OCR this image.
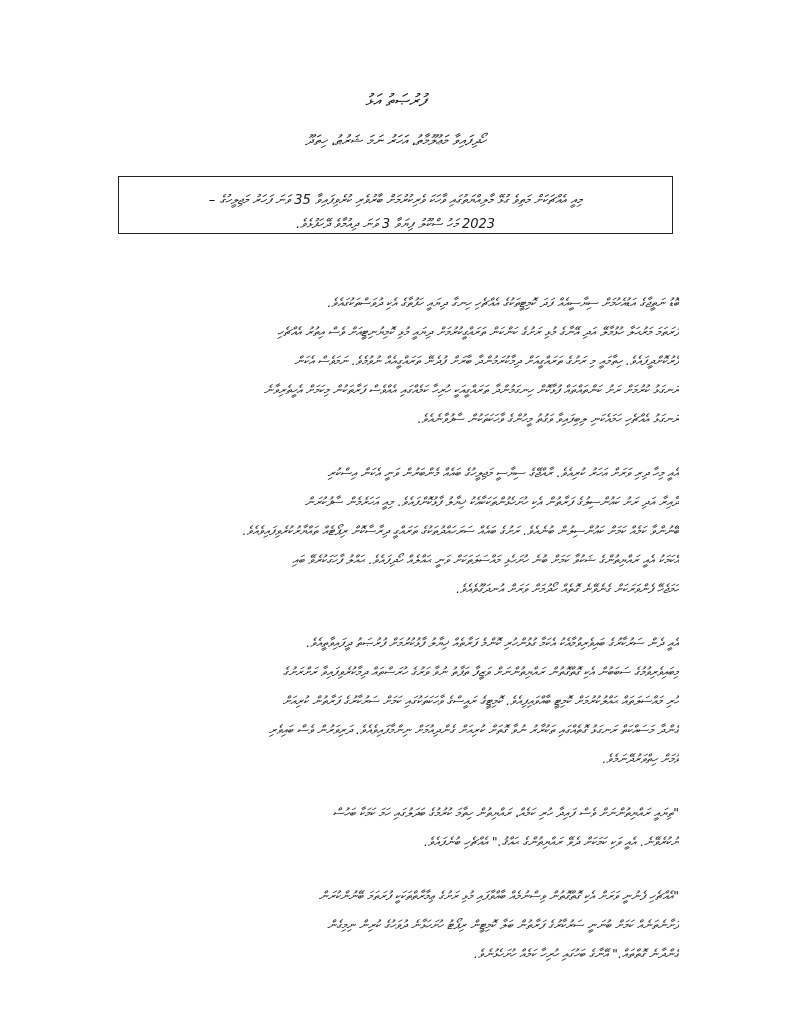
ފުރުޞަތު އަޅު
ހޯދިފައިވާ މަޢުލޫމާތު، އަހަރު ނަމަ ޝަރުޠު، ހިތަދޫ
މިއީ އެއްޗަކަށް މަތިވެ ގުޅޭ މާލިއްޔަތުގައި ވާހަކަ ވެރިކުރުމަށް ބާރުވެރި ކުރެވިފައިވާ 35 ވަނަ ފަހަރު މަޖިލީހުގެ –
2023 މަހު ސްކޫލު ފިޔަވާ 3 ވަނަ ދިއުމާވެ ދޭހަފުޅެވެ.
ބޮޑު ނަތީޖާގެ އަޑުއެހުމަށް ސިޔާސީއެއް ފަދަ ކޮމިޓީތަކުގެ އެއްޗެހި ހިނގާ ދިޔައީ ހަފުތާގެ އެކި ދުވަސްތަކުގައެވެ.
ފުރަތަމަ މަރުޙަލާ ހުޅުމާލޭ އަދި އޭނާގެ މުޅި ރަށުގެ ކަންކަން ތަރައްގީކުރުމަށް ދިޔައީ މުޅި ކޮމިޔުނިޓީއަށް ވެސް އިތުރު އެއްޗެހި
ފޯރުކޮށްދީފައެވެ. ހިތާމައީ މި ރަށުގެ ތަރައްގީއަށް ދިމާކުރަމުންދާ ބާރަށް ފުދެނޭ ތަރައްގީއެއް ނުވުމެވެ. ނަމަވެސް އެކަން
ރަނގަޅު ކުރުމަށް ރަށު ކަންތައްތައް ފުޅާކޮށް ހިނގަމުންދާ ތަރައްގީއަކީ ހުރިހާ ކަމެއްގައި އެއްވެސް ފަރާތަކުން މިކަމަށް އެހީތެރިވާނެ
ރަނގަޅު އެއްޗެހި ހަމައެކަނި ލިބިފައިވާ ވަގުތު މީހުންގެ ވާހަކަތަކުން ސާފުވާނެއެވެ.
އެއީ މިހާ ދިރި ވަރަށް އަހަރު ކުރިއެވެ. ރާއްޖޭގެ ސިޔާސީ މަޖިލީހުގެ ބައެއް މެންބަރުން ވަނީ އެކަން އިސްކުރި
ދާއިރާ އަދި ރަށު ކައުންސިލުގެ ފަރާތުން އެކި ހުށަހެޅުންތަކަކާއެކު ޚިޔާލު ފާޅުކޮށްފައެވެ. މިއީ އަހަރެމެން ސާފުކުރަން
ބޭނުންވާ ކަމެއް ކަމަށް ކައުންސިލުން ބުނެއެވެ. ރަށުގެ ބައެއް ސަރަހައްދުތަކުގެ ތަރައްގީ ދިރާސާކޮށް ރިޕޯޓެއް ތައްޔާރުކުރެވިފައިވެއެވެ.
އެކަމަކު އެއީ ރައްޔިތުންގެ ޝަކުވާ ކަމަށް ބުނެ ހުށަހެޅި މައްސަލަތަކަށް ވަނީ ޙައްލެއް ހޯދިފައެވެ. ޙައްލު ފާހަގަކުރެވޭ ބައި
ހަމަޖެހޭ ފެންވަރަކަށް ގެނެވޭނެ ގޮތެއް ހޯދުމަށް ވަރަށް އުނދަގޫވެއެވެ.
އެއީ ދެން ސަރުކާރުގެ ބައިވެރިވުމާއެކު އެކަމާ ގުޅުންހުރި ކޮންމެ ފަރާތެއް ޚިޔާލު ފާޅުކުރުމަށް ފުރުޞަތު ދީފައިވާތީއެވެ.
މިބައިވެރިވުމުގެ ސަބަބުން އެކި ގޮތްގޮތުން ރައްޔިތުންނަށް ވަޒީފާ ތަފާތު ނުވާ ވަރުގެ ހުރަސްތައް ދިމާކުރެވިފައިވާ ރަށްރަށުގެ
ހުރި މައްސަލަތައް ޙައްލުކުރުމަށް ކޮމިޓީ ބާއްވައިފިއެވެ. ކޮމިޓީގެ ރައީސްގެ ވާހަކަތަކުގައި ކަމަށް ސަރުކާރުގެ ފަރާތުން ކުރިއަށް
ގެންދާ މަސައްކަތް ރަނގަޅު ގޮތެއްގައި ތަކުރާރު ނުވާ ގޮތަށް ކުރިއަށް ގެންދިއުމަށް ނިންމާފައިވެއެވެ. ދަރިވަރުން ވެސް ބައިވެރި
ވުމަށް ހިތްވަރުދޭނަމެވެ.
"ތިޔައީ ރައްޔިތުންނަށް ވެސް ފައިދާ ހުރި ކަމެއް، ރައްޔިތުން ހިތާމަ ކުރުމުގެ ބަދަލުގައި ހަމަ ކަމަކާ ބަހުސް
ނުކުރެވޭނެ. އެއީ ވަކި ކަމަކަށް ދެވޭ ރައްޔިތުންގެ ޙައްޤު." އެއްޗެހި ބުނެފައެވެ.
"އެއްޗެހި ފެނުނީ ވަރަށް އެކި ގޮތްގޮތުން ވިސްނުމެއް ބާއްވާފައި މުޅި ރަށުގެ ޢިމާރާތްތަކަކީ ފުރަތަމަ ބޭނުންކުރަން
ފަށާނެތަނެއް ކަމަށް ބުނަނީ ސަރުކާރުގެ ފަރާތުން ބަލާ ކޮމިޓީން ރިޕޯޓު ހުށަހަޅާނެ ދުވަހުގެ ކުރިން ނިމިގެން
ގެންދާނެ ގޮތްތައް." އޭނާގެ ބަހުގައި ހުރިހާ ކަމެއް ހުށަހެޅުނެވެ.
